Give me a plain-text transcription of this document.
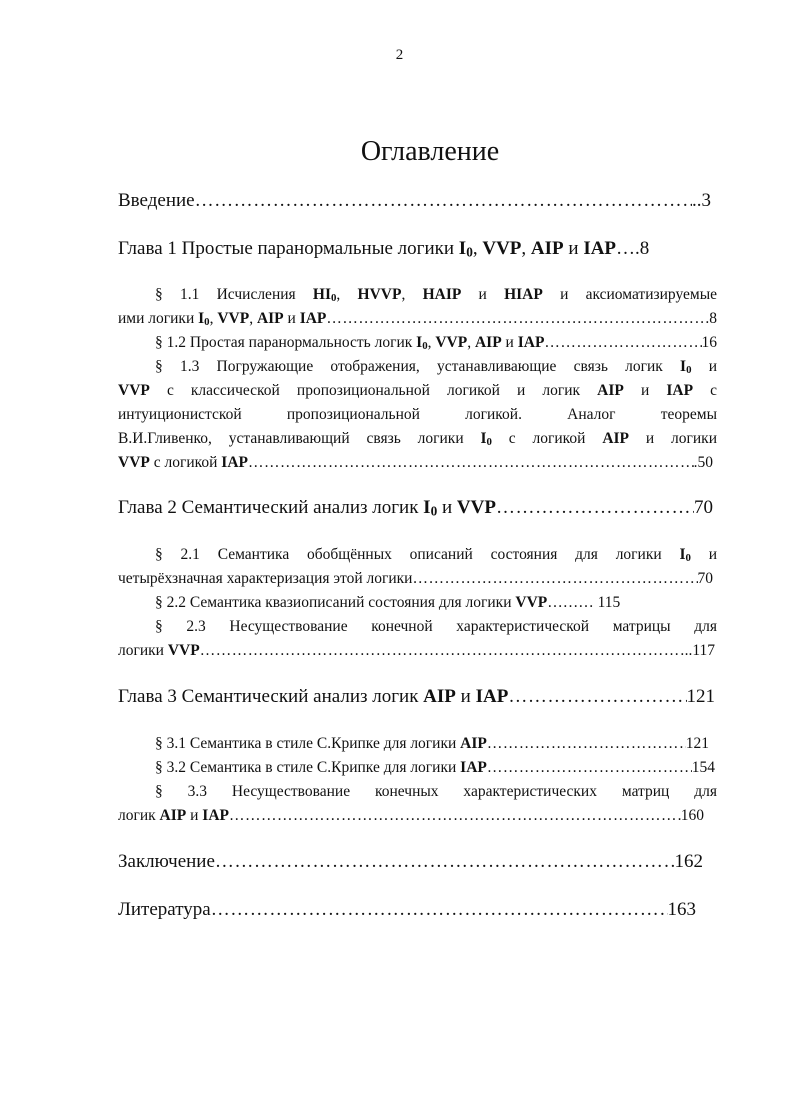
2
Оглавление
Введение …………………………………………………………………………………………………………………………………………………………………………………………	..3
Глава 1 Простые паранормальные логики $I_0$, VVP, AIP и IAP….8
§ 1.1 Исчисления $HI_0$, HVVP, HAIP и HIAP и аксиоматизируемые
ими логики $I_0$, VVP, AIP и IAP …………………………………………………………………………………………………………………………………………………………………………………………	.8
§ 1.2 Простая паранормальность логик $I_0$, VVP, AIP и IAP …………………………………………………………………………………………………………………………………………………………………………………………	16
§ 1.3 Погружающие отображения, устанавливающие связь логик $I_0$ и
VVP с классической пропозициональной логикой и логик AIP и IAP с
интуиционистской пропозициональной логикой. Аналог теоремы
В.И.Гливенко, устанавливающий связь логики $I_0$ с логикой AIP и логики
VVP с логикой IAP …………………………………………………………………………………………………………………………………………………………………………………………	.50
Глава 2 Семантический анализ логик $I_0$ и VVP …………………………………………………………………………………………………………………………………………………………………………………………	70
§ 2.1 Семантика обобщённых описаний состояния для логики $I_0$ и
четырёхзначная характеризация этой логики …………………………………………………………………………………………………………………………………………………………………………………………	70
§ 2.2 Семантика квазиописаний состояния для логики VVP……… 115
§ 2.3 Несуществование конечной характеристической матрицы для
логики VVP …………………………………………………………………………………………………………………………………………………………………………………………	..117
Глава 3 Семантический анализ логик AIP и IAP …………………………………………………………………………………………………………………………………………………………………………………………	121
§ 3.1 Семантика в стиле С.Крипке для логики AIP …………………………………………………………………………………………………………………………………………………………………………………………	121
§ 3.2 Семантика в стиле С.Крипке для логики IAP …………………………………………………………………………………………………………………………………………………………………………………………	154
§ 3.3 Несуществование конечных характеристических матриц для
логик AIP и IAP …………………………………………………………………………………………………………………………………………………………………………………………	160
Заключение …………………………………………………………………………………………………………………………………………………………………………………………	162
Литература …………………………………………………………………………………………………………………………………………………………………………………………	163
